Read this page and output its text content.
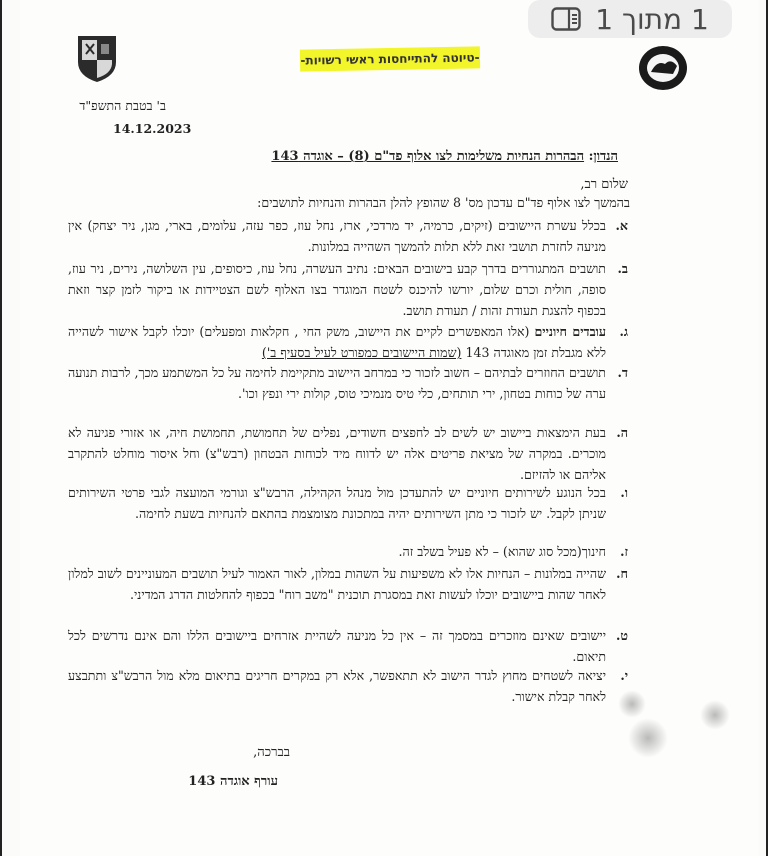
1 מתוך 1
-טיוטה להתייחסות ראשי רשויות-
ב' בטבת התשפ"ד
14.12.2023
הנדון: הבהרות הנחיות משלימות לצו אלוף פד"ם (8) – אוגדה 143
שלום רב,
בהמשך לצו אלוף פד"ם עדכון מס' 8 שהופץ להלן הבהרות והנחיות לתושבים:
א.
בכלל עשרת היישובים (זיקים, כרמיה, יד מרדכי, ארז, נחל עוז, כפר עזה, עלומים, בארי, מגן, ניר יצחק) אין מניעה לחזרת תושבי זאת ללא תלות להמשך השהייה במלונות.
ב.
תושבים המתגוררים בדרך קבע בישובים הבאים: נתיב העשרה, נחל עוז, כיסופים, עין השלושה, נירים, ניר עוז, סופה, חולית וכרם שלום, יורשו להיכנס לשטח המוגדר בצו האלוף לשם הצטיידות או ביקור לזמן קצר וזאת בכפוף להצגת תעודת זהות / תעודת תושב.
ג.
עובדים חיוניים (אלו המאפשרים לקיים את היישוב, משק החי , חקלאות ומפעלים) יוכלו לקבל אישור לשהייה ללא מגבלת זמן מאוגדה 143 (שמות היישובים כמפורט לעיל בסעיף ב')
ד.
תושבים החוזרים לבתיהם – חשוב לזכור כי במרחב היישוב מתקיימת לחימה על כל המשתמע מכך, לרבות תנועה ערה של כוחות בטחון, ירי תותחים, כלי טיס מנמיכי טוס, קולות ירי ונפץ וכו'.
ה.
בעת הימצאות ביישוב יש לשים לב לחפצים חשודים, נפלים של תחמושת, תחמושת חיה, או אזורי פגיעה לא מוכרים. במקרה של מציאת פריטים אלה יש לדווח מיד לכוחות הבטחון (רבש"צ) וחל איסור מוחלט להתקרב אליהם או להזיזם.
ו.
בכל הנוגע לשירותים חיוניים יש להתעדכן מול מנהל הקהילה, הרבש"צ וגורמי המועצה לגבי פרטי השירותים שניתן לקבל. יש לזכור כי מתן השירותים יהיה במתכונת מצומצמת בהתאם להנחיות בשעת לחימה.
ז.
חינוך(מכל סוג שהוא) – לא פעיל בשלב זה.
ח.
שהייה במלונות – הנחיות אלו לא משפיעות על השהות במלון, לאור האמור לעיל תושבים המעוניינים לשוב למלון לאחר שהות ביישובים יוכלו לעשות זאת במסגרת תוכנית "משב רוח" בכפוף להחלטות הדרג המדיני.
ט.
יישובים שאינם מוזכרים במסמך זה – אין כל מניעה לשהיית אזרחים ביישובים הללו והם אינם נדרשים לכל תיאום.
י.
יציאה לשטחים מחוץ לגדר הישוב לא תתאפשר, אלא רק במקרים חריגים בתיאום מלא מול הרבש"צ ותתבצע לאחר קבלת אישור.
בברכה,
עורף אוגדה 143
